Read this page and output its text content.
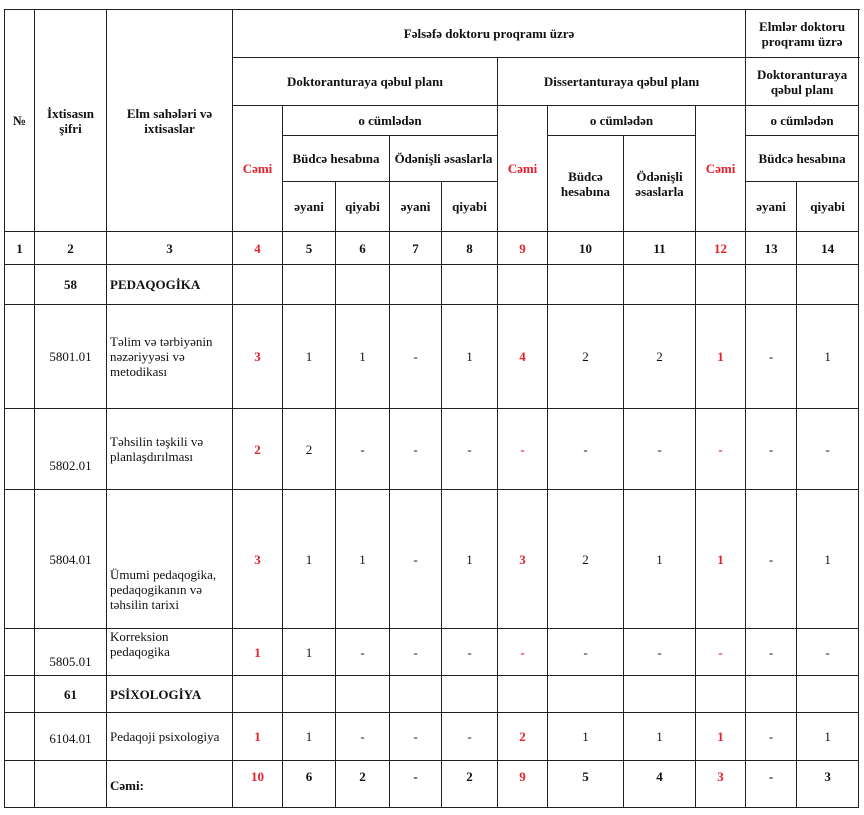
№	İxtisasın şifri	Elm sahələri və ixtisaslar	Fəlsəfə doktoru proqramı üzrə									Elmlər doktoru proqramı üzrə	
			Doktoranturaya qəbul planı					Dissertanturaya qəbul planı				Doktoranturaya qəbul planı	
			Cəmi	o cümlədən				Cəmi	o cümlədən		Cəmi	o cümlədən	
				Büdcə hesabına		Ödənişli əsaslarla			Büdcə hesabına	Ödənişli əsaslarla		Büdcə hesabına	
				əyani	qiyabi	əyani	qiyabi					əyani	qiyabi

1	2	3	4	5	6	7	8	9	10	11	12	13	14
	58	PEDAQOGİKA											
	5801.01	Təlim və tərbiyənin nəzəriyyəsi və metodikası	3	1	1	-	1	4	2	2	1	-	1
	5802.01	Təhsilin təşkili və planlaşdırılması	2	2	-	-	-	-	-	-	-	-	-
	5804.01	Ümumi pedaqogika, pedaqogikanın və təhsilin tarixi	3	1	1	-	1	3	2	1	1	-	1
	5805.01	Korreksion pedaqogika	1	1	-	-	-	-	-	-	-	-	-
	61	PSİXOLOGİYA											
	6104.01	Pedaqoji psixologiya	1	1	-	-	-	2	1	1	1	-	1
		Cəmi:	10	6	2	-	2	9	5	4	3	-	3
